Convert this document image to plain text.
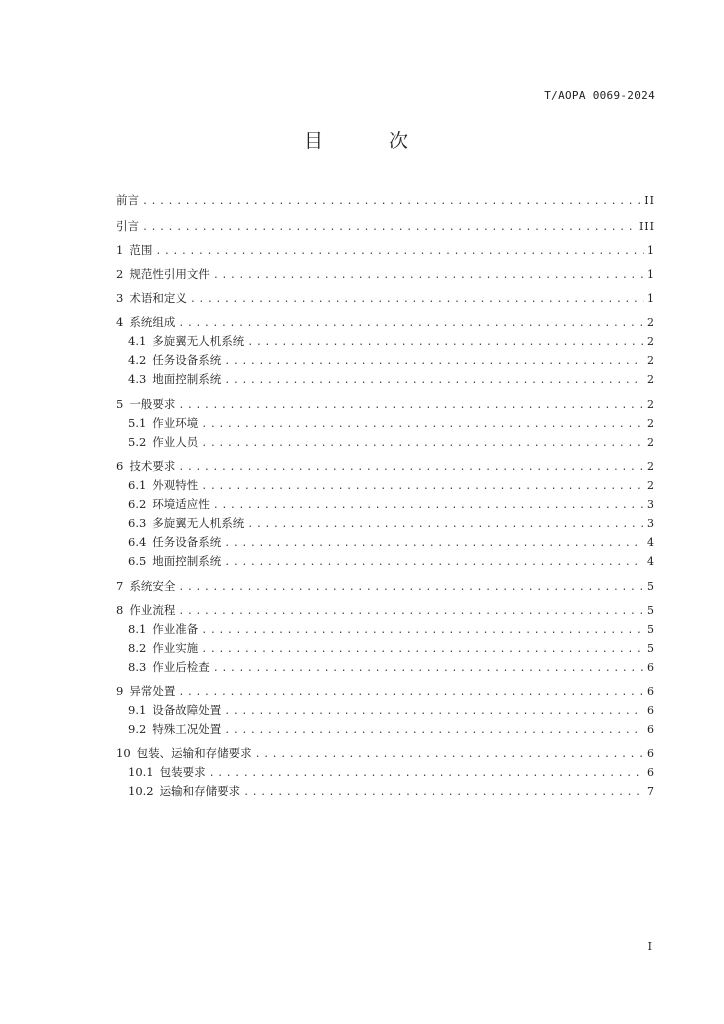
T/AOPA 0069-2024
目 次
前言 .....	II
引言 .....	III
1 范围 .....	1
2 规范性引用文件 .....	1
3 术语和定义 .....	1
4 系统组成 .....	2
4.1 多旋翼无人机系统 .....	2
4.2 任务设备系统 .....	2
4.3 地面控制系统 .....	2
5 一般要求 .....	2
5.1 作业环境 .....	2
5.2 作业人员 .....	2
6 技术要求 .....	2
6.1 外观特性 .....	2
6.2 环境适应性 .....	3
6.3 多旋翼无人机系统 .....	3
6.4 任务设备系统 .....	4
6.5 地面控制系统 .....	4
7 系统安全 .....	5
8 作业流程 .....	5
8.1 作业准备 .....	5
8.2 作业实施 .....	5
8.3 作业后检查 .....	6
9 异常处置 .....	6
9.1 设备故障处置 .....	6
9.2 特殊工况处置 .....	6
10 包装、运输和存储要求 .....	6
10.1 包装要求 .....	6
10.2 运输和存储要求 .....	7
I
